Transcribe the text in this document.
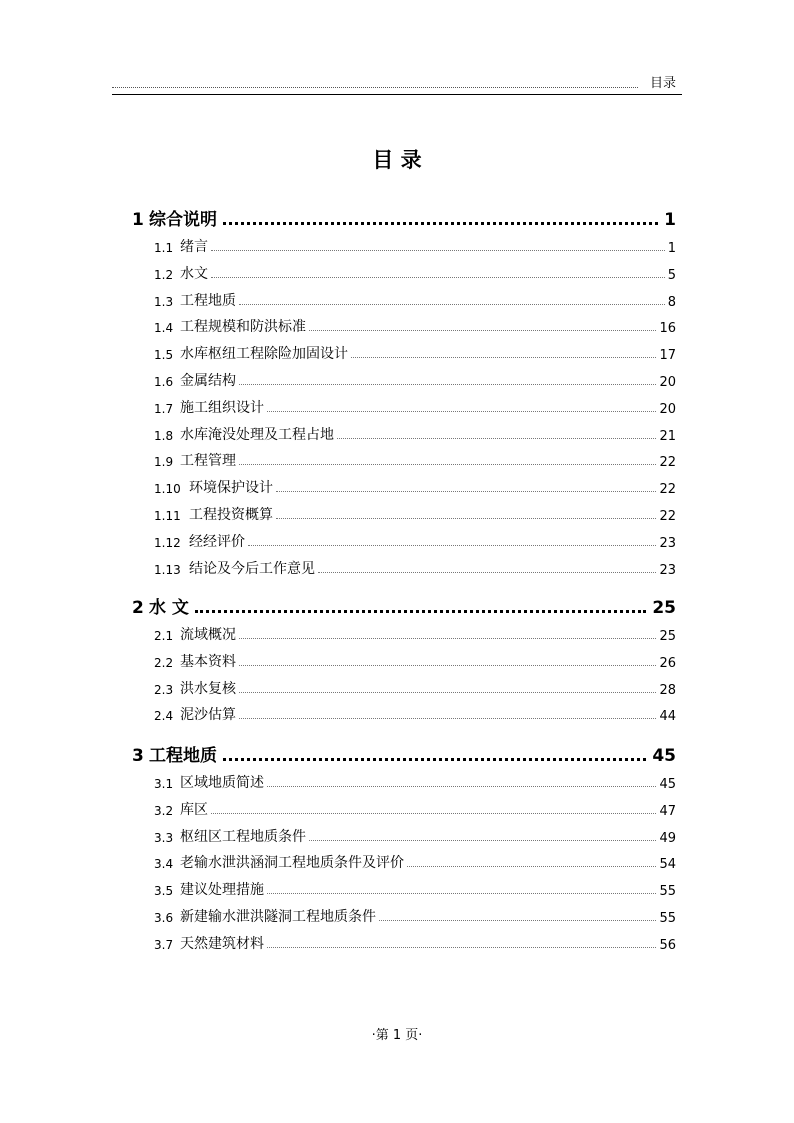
目录
目 录
1 综合说明	1
1.1 绪言	1
1.2 水文	5
1.3 工程地质	8
1.4 工程规模和防洪标准	16
1.5 水库枢纽工程除险加固设计	17
1.6 金属结构	20
1.7 施工组织设计	20
1.8 水库淹没处理及工程占地	21
1.9 工程管理	22
1.10 环境保护设计	22
1.11 工程投资概算	22
1.12 经经评价	23
1.13 结论及今后工作意见	23
2 水 文	25
2.1 流域概况	25
2.2 基本资料	26
2.3 洪水复核	28
2.4 泥沙估算	44
3 工程地质	45
3.1 区域地质简述	45
3.2 库区	47
3.3 枢纽区工程地质条件	49
3.4 老输水泄洪涵洞工程地质条件及评价	54
3.5 建议处理措施	55
3.6 新建输水泄洪隧洞工程地质条件	55
3.7 天然建筑材料	56
·第 1 页·
